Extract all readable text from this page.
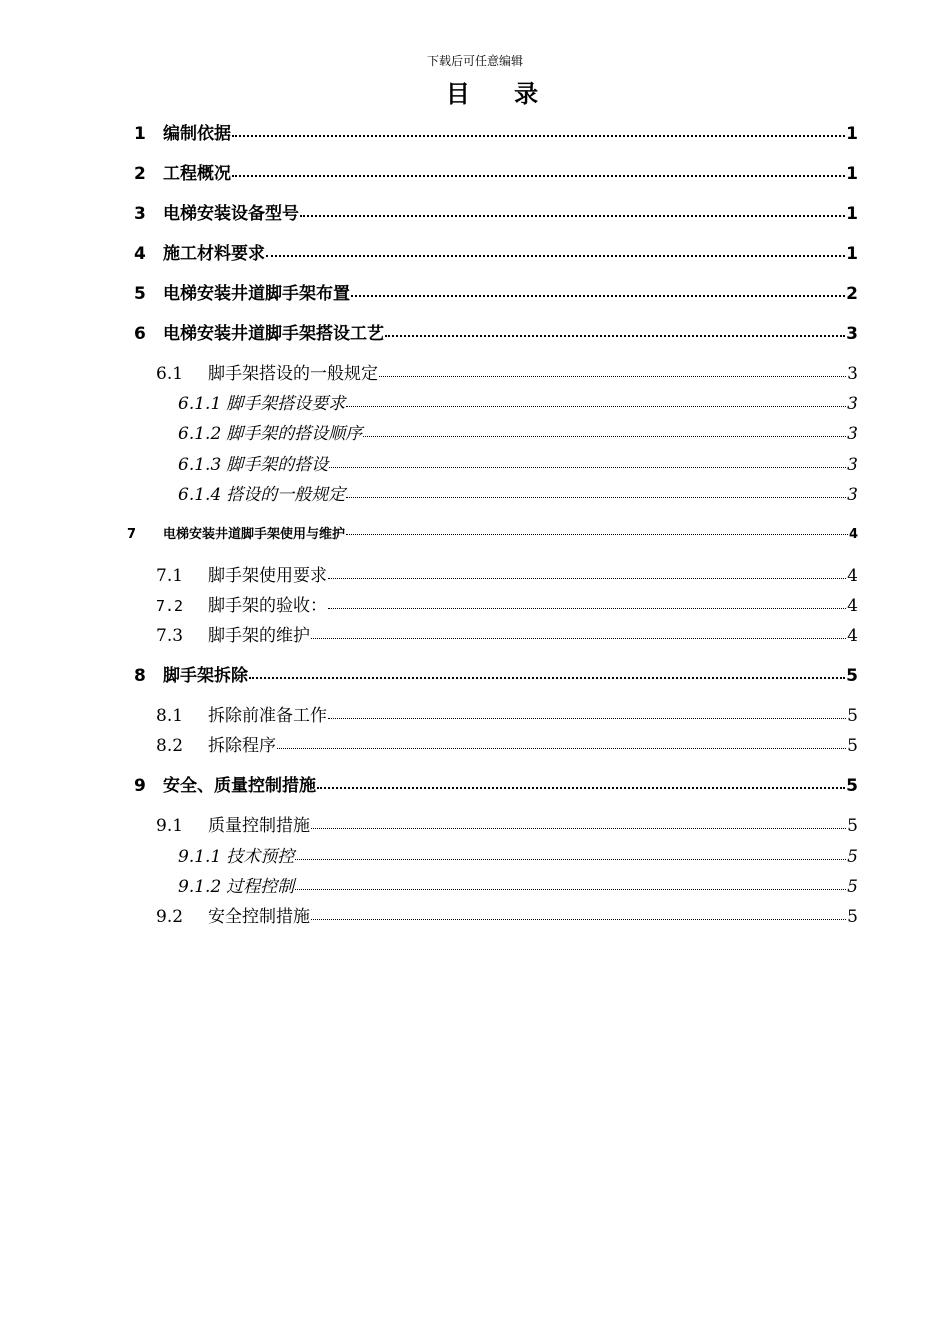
下载后可任意编辑
目 录
1	编制依据	1
2	工程概况	1
3	电梯安装设备型号	1
4	施工材料要求	1
5	电梯安装井道脚手架布置	2
6	电梯安装井道脚手架搭设工艺	3
6.1	脚手架搭设的一般规定	3
6.1.1 脚手架搭设要求	3
6.1.2 脚手架的搭设顺序	3
6.1.3 脚手架的搭设	3
6.1.4 搭设的一般规定	3
7	电梯安装井道脚手架使用与维护	4
7.1	脚手架使用要求	4
7.2	脚手架的验收：	4
7.3	脚手架的维护	4
8	脚手架拆除	5
8.1	拆除前准备工作	5
8.2	拆除程序	5
9	安全、质量控制措施	5
9.1	质量控制措施	5
9.1.1 技术预控	5
9.1.2 过程控制	5
9.2	安全控制措施	5
